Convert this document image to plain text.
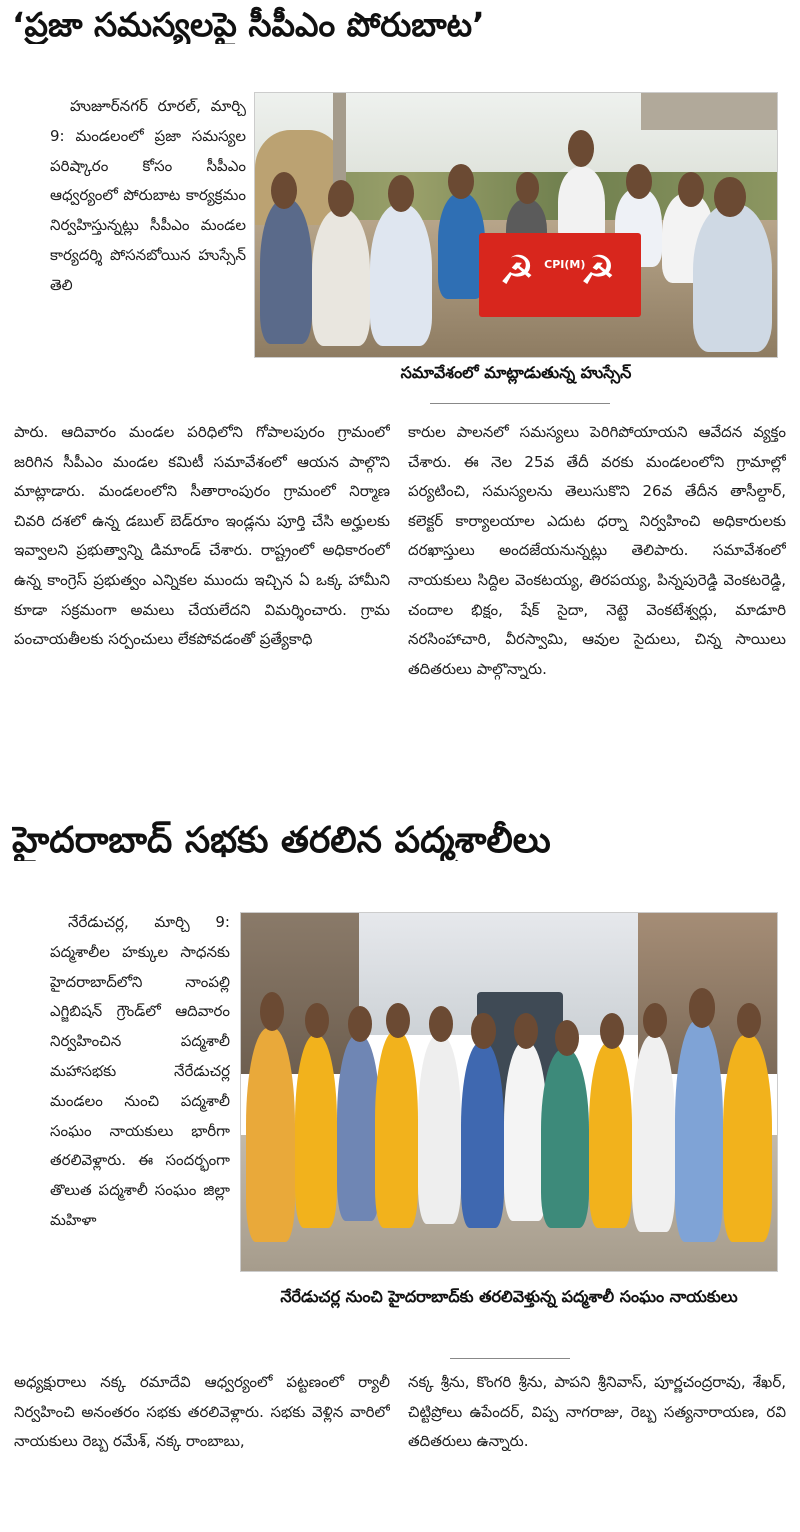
‘ప్రజా సమస్యలపై సీపీఎం పోరుబాట’
హుజూర్‌నగర్ రూరల్, మార్చి 9: మండలంలో ప్రజా సమస్యల పరిష్కారం కోసం సీపీఎం ఆధ్వర్యంలో పోరుబాట కార్యక్రమం నిర్వహిస్తున్నట్లు సీపీఎం మండల కార్యదర్శి పోసనబోయిన హుస్సేన్ తెలి	☭ ☭
CPI(M)
సమావేశంలో మాట్లాడుతున్న హుస్సేన్
పారు. ఆదివారం మండల పరిధిలోని గోపాలపురం గ్రామంలో జరిగిన సీపీఎం మండల కమిటీ సమావేశంలో ఆయన పాల్గొని మాట్లాడారు. మండలంలోని సీతారాంపురం గ్రామంలో నిర్మాణ చివరి దశలో ఉన్న డబుల్ బెడ్‌రూం ఇండ్లను పూర్తి చేసి అర్హులకు ఇవ్వాలని ప్రభుత్వాన్ని డిమాండ్ చేశారు. రాష్ట్రంలో అధికారంలో ఉన్న కాంగ్రెస్ ప్రభుత్వం ఎన్నికల ముందు ఇచ్చిన ఏ ఒక్క హామీని కూడా సక్రమంగా అమలు చేయలేదని విమర్శించారు. గ్రామ పంచాయతీలకు సర్పంచులు లేకపోవడంతో ప్రత్యేకాధి
కారుల పాలనలో సమస్యలు పెరిగిపోయాయని ఆవేదన వ్యక్తం చేశారు. ఈ నెల 25వ తేదీ వరకు మండలంలోని గ్రామాల్లో పర్యటించి, సమస్యలను తెలుసుకొని 26వ తేదీన తాసీల్దార్, కలెక్టర్ కార్యాలయాల ఎదుట ధర్నా నిర్వహించి అధికారులకు దరఖాస్తులు అందజేయనున్నట్లు తెలిపారు. సమావేశంలో నాయకులు సిద్దిల వెంకటయ్య, తిరపయ్య, పిన్నపురెడ్డి వెంకటరెడ్డి, చందాల భిక్షం, షేక్ సైదా, నెట్టె వెంకటేశ్వర్లు, మాడూరి నరసింహాచారి, వీరస్వామి, ఆవుల సైదులు, చిన్న సాయిలు తదితరులు పాల్గొన్నారు.
హైదరాబాద్ సభకు తరలిన పద్మశాలీలు
నేరేడుచర్ల, మార్చి 9: పద్మశాలీల హక్కుల సాధనకు హైదరాబాద్‌లోని నాంపల్లి ఎగ్జిబిషన్ గ్రౌండ్‌లో ఆదివారం నిర్వహించిన పద్మశాలీ మహాసభకు నేరేడుచర్ల మండలం నుంచి పద్మశాలీ సంఘం నాయకులు భారీగా తరలివెళ్లారు. ఈ సందర్భంగా తొలుత పద్మశాలీ సంఘం జిల్లా మహిళా
నేరేడుచర్ల నుంచి హైదరాబాద్‌కు తరలివెళ్తున్న పద్మశాలీ సంఘం నాయకులు
అధ్యక్షురాలు నక్క రమాదేవి ఆధ్వర్యంలో పట్టణంలో ర్యాలీ నిర్వహించి అనంతరం సభకు తరలివెళ్లారు. సభకు వెళ్లిన వారిలో నాయకులు రెబ్బ రమేశ్, నక్క రాంబాబు,
నక్క శ్రీను, కొంగరి శ్రీను, పాపని శ్రీనివాస్, పూర్ణచంద్రరావు, శేఖర్, చిట్టిప్రోలు ఉపేందర్, విప్ప నాగరాజు, రెబ్బ సత్యనారాయణ, రవి తదితరులు ఉన్నారు.
